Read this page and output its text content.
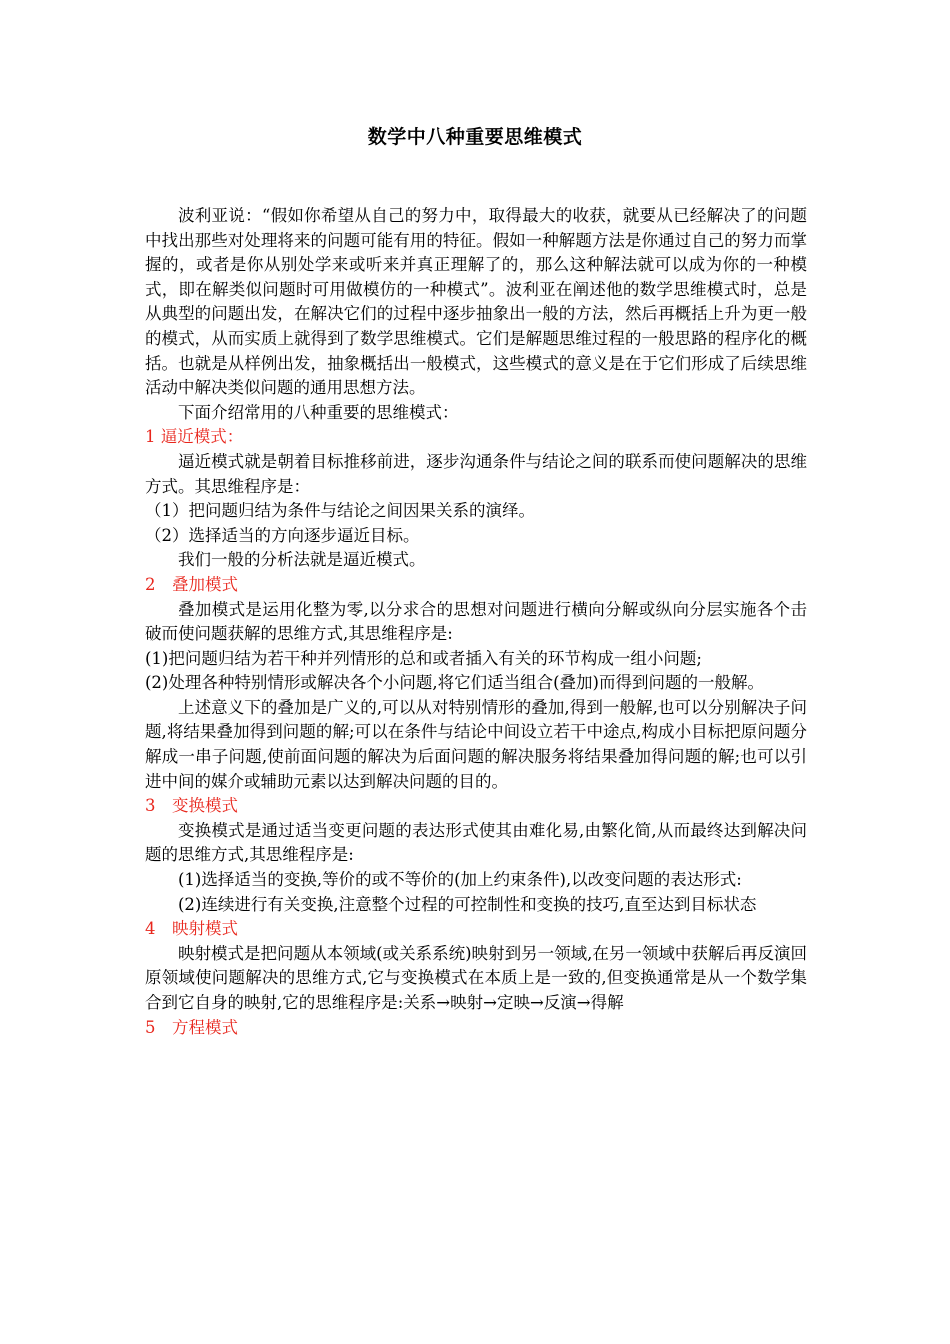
数学中八种重要思维模式

波利亚说：“假如你希望从自己的努力中，取得最大的收获，就要从已经解决了的问题中找出那些对处理将来的问题可能有用的特征。假如一种解题方法是你通过自己的努力而掌握的，或者是你从别处学来或听来并真正理解了的，那么这种解法就可以成为你的一种模式，即在解类似问题时可用做模仿的一种模式”。波利亚在阐述他的数学思维模式时，总是从典型的问题出发，在解决它们的过程中逐步抽象出一般的方法，然后再概括上升为更一般的模式，从而实质上就得到了数学思维模式。它们是解题思维过程的一般思路的程序化的概括。也就是从样例出发，抽象概括出一般模式，这些模式的意义是在于它们形成了后续思维活动中解决类似问题的通用思想方法。

下面介绍常用的八种重要的思维模式：

1 逼近模式：

逼近模式就是朝着目标推移前进，逐步沟通条件与结论之间的联系而使问题解决的思维方式。其思维程序是：

（1）把问题归结为条件与结论之间因果关系的演绎。

（2）选择适当的方向逐步逼近目标。

我们一般的分析法就是逼近模式。

2 叠加模式

叠加模式是运用化整为零,以分求合的思想对问题进行横向分解或纵向分层实施各个击破而使问题获解的思维方式,其思维程序是:

(1)把问题归结为若干种并列情形的总和或者插入有关的环节构成一组小问题;

(2)处理各种特别情形或解决各个小问题,将它们适当组合(叠加)而得到问题的一般解。

上述意义下的叠加是广义的,可以从对特别情形的叠加,得到一般解,也可以分别解决子问题,将结果叠加得到问题的解;可以在条件与结论中间设立若干中途点,构成小目标把原问题分解成一串子问题,使前面问题的解决为后面问题的解决服务将结果叠加得问题的解;也可以引进中间的媒介或辅助元素以达到解决问题的目的。

3 变换模式

变换模式是通过适当变更问题的表达形式使其由难化易,由繁化简,从而最终达到解决问题的思维方式,其思维程序是:

(1)选择适当的变换,等价的或不等价的(加上约束条件),以改变问题的表达形式:

(2)连续进行有关变换,注意整个过程的可控制性和变换的技巧,直至达到目标状态

4 映射模式

映射模式是把问题从本领域(或关系系统)映射到另一领域,在另一领域中获解后再反演回原领域使问题解决的思维方式,它与变换模式在本质上是一致的,但变换通常是从一个数学集合到它自身的映射,它的思维程序是:关系→映射→定映→反演→得解

5 方程模式
